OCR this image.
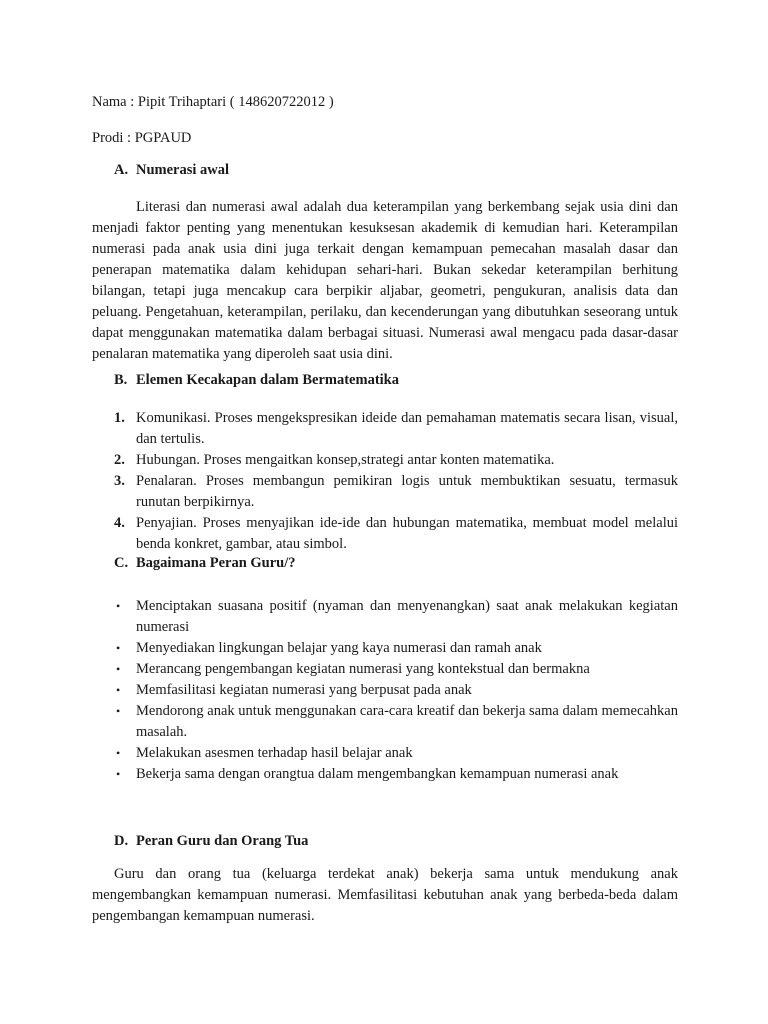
Nama : Pipit Trihaptari ( 148620722012 )
Prodi : PGPAUD
A. Numerasi awal

Literasi dan numerasi awal adalah dua keterampilan yang berkembang sejak usia dini dan menjadi faktor penting yang menentukan kesuksesan akademik di kemudian hari. Keterampilan numerasi pada anak usia dini juga terkait dengan kemampuan pemecahan masalah dasar dan penerapan matematika dalam kehidupan sehari-hari. Bukan sekedar keterampilan berhitung bilangan, tetapi juga mencakup cara berpikir aljabar, geometri, pengukuran, analisis data dan peluang. Pengetahuan, keterampilan, perilaku, dan kecenderungan yang dibutuhkan seseorang untuk dapat menggunakan matematika dalam berbagai situasi. Numerasi awal mengacu pada dasar-dasar penalaran matematika yang diperoleh saat usia dini.

B. Elemen Kecakapan dalam Bermatematika
1. Komunikasi. Proses mengekspresikan ideide dan pemahaman matematis secara lisan, visual, dan tertulis.
2. Hubungan. Proses mengaitkan konsep,strategi antar konten matematika.
3. Penalaran. Proses membangun pemikiran logis untuk membuktikan sesuatu, termasuk runutan berpikirnya.
4. Penyajian. Proses menyajikan ide-ide dan hubungan matematika, membuat model melalui benda konkret, gambar, atau simbol.
C. Bagaimana Peran Guru/?
• Menciptakan suasana positif (nyaman dan menyenangkan) saat anak melakukan kegiatan numerasi
• Menyediakan lingkungan belajar yang kaya numerasi dan ramah anak
• Merancang pengembangan kegiatan numerasi yang kontekstual dan bermakna
• Memfasilitasi kegiatan numerasi yang berpusat pada anak
• Mendorong anak untuk menggunakan cara-cara kreatif dan bekerja sama dalam memecahkan masalah.
• Melakukan asesmen terhadap hasil belajar anak
• Bekerja sama dengan orangtua dalam mengembangkan kemampuan numerasi anak
D. Peran Guru dan Orang Tua

Guru dan orang tua (keluarga terdekat anak) bekerja sama untuk mendukung anak mengembangkan kemampuan numerasi. Memfasilitasi kebutuhan anak yang berbeda-beda dalam pengembangan kemampuan numerasi.
